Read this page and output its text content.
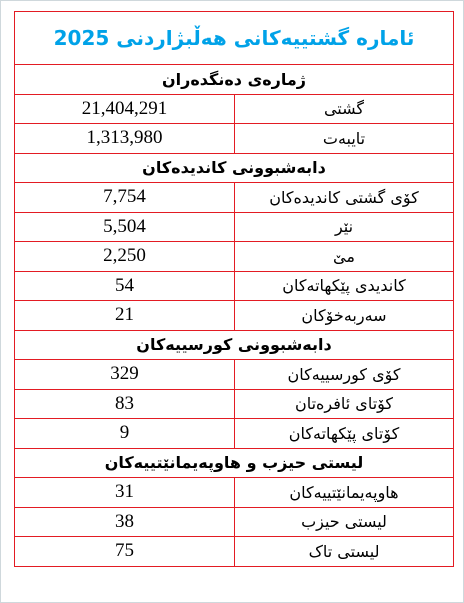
ئامارە گشتییەکانی هەڵبژاردنی 2025	
ژمارەی دەنگدەران	
21,404,291	گشتی
1,313,980	تایبەت
دابەشبوونی کاندیدەکان	
7,754	کۆی گشتی کاندیدەکان
5,504	نێر
2,250	مێ
54	کاندیدی پێکهاتەکان
21	سەربەخۆکان
دابەشبوونی کورسییەکان	
329	کۆی کورسییەکان
83	کۆتای ئافرەتان
9	کۆتای پێکهاتەکان
لیستی حیزب و هاوپەیمانێتییەکان	
31	هاوپەیمانێتییەکان
38	لیستی حیزب
75	لیستی تاک
